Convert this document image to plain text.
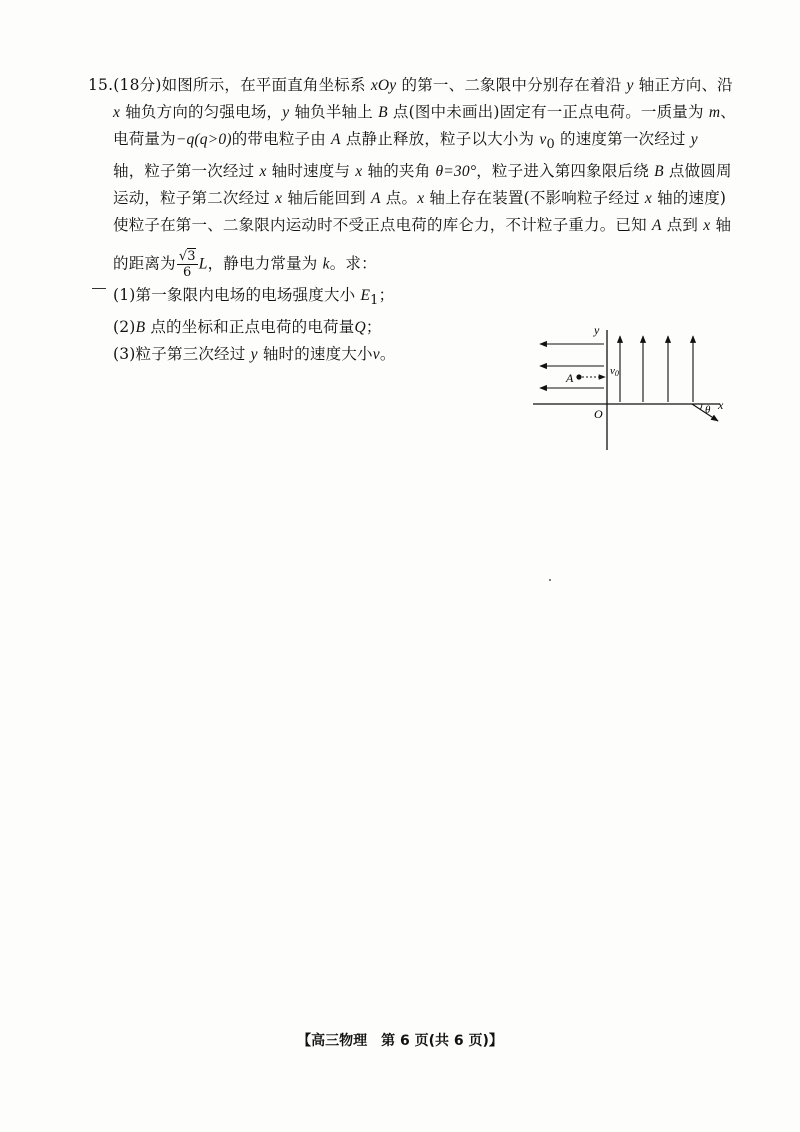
15.(18分)如图所示，在平面直角坐标系 xOy 的第一、二象限中分别存在着沿 y 轴正方向、沿
x 轴负方向的匀强电场，y 轴负半轴上 B 点(图中未画出)固定有一正点电荷。一质量为 m、
电荷量为−q(q>0)的带电粒子由 A 点静止释放，粒子以大小为 $v_0$ 的速度第一次经过 y
轴，粒子第一次经过 x 轴时速度与 x 轴的夹角 θ=30°，粒子进入第四象限后绕 B 点做圆周
运动，粒子第二次经过 x 轴后能回到 A 点。x 轴上存在装置(不影响粒子经过 x 轴的速度)
使粒子在第一、二象限内运动时不受正点电荷的库仑力，不计粒子重力。已知 A 点到 x 轴
的距离为 $\frac{√3}{6}$ L，静电力常量为 k。求：
(1)第一象限内电场的电场强度大小 $E_1$；
(2)B 点的坐标和正点电荷的电荷量Q；
(3)粒子第三次经过 y 轴时的速度大小v。
y
x
O
A	v0
θ
【高三物理　第 6 页(共 6 页)】
